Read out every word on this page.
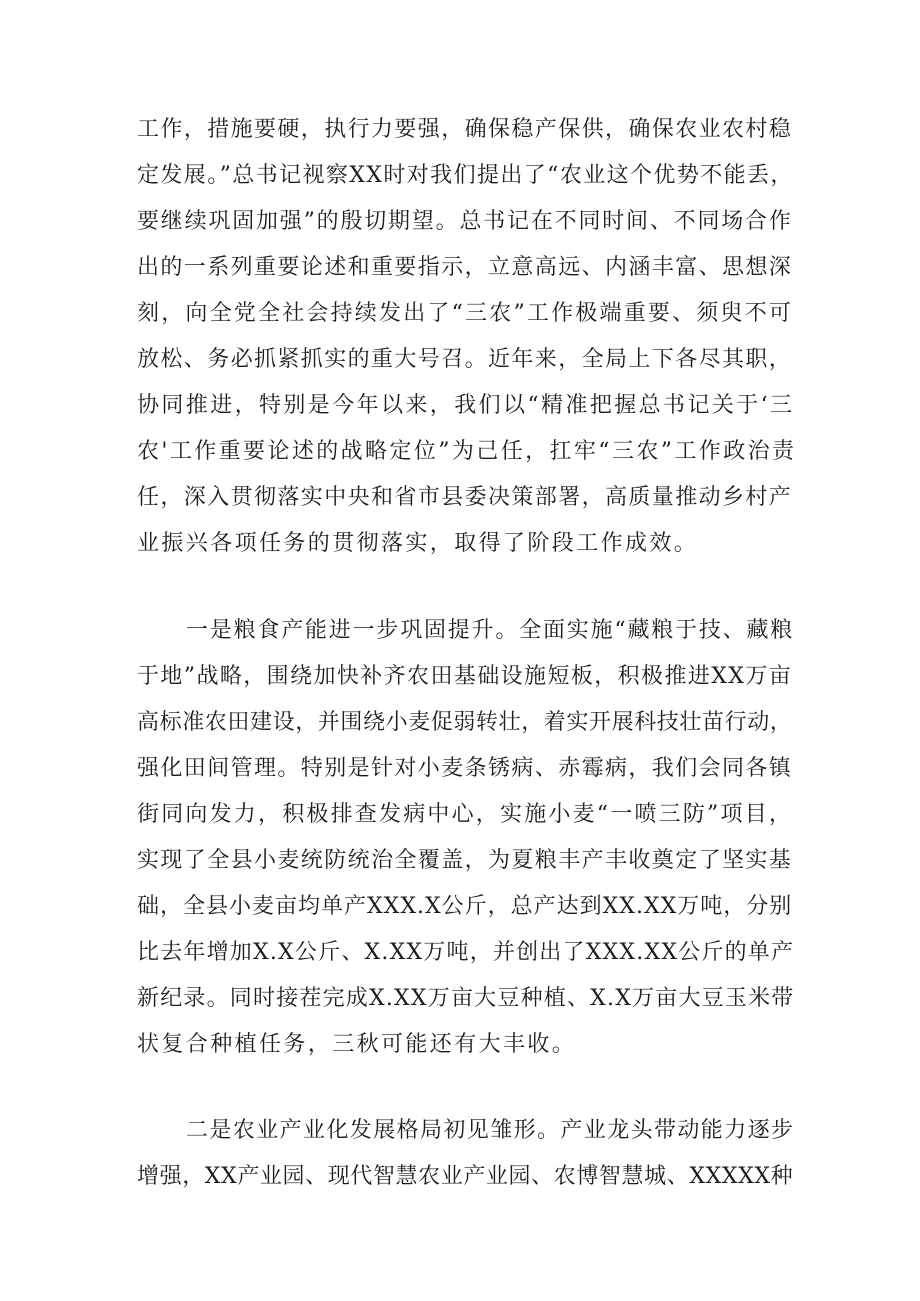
工作，措施要硬，执行力要强，确保稳产保供，确保农业农村稳
定发展。”总书记视察XX时对我们提出了“农业这个优势不能丢，
要继续巩固加强”的殷切期望。总书记在不同时间、不同场合作
出的一系列重要论述和重要指示，立意高远、内涵丰富、思想深
刻，向全党全社会持续发出了“三农”工作极端重要、须臾不可
放松、务必抓紧抓实的重大号召。近年来，全局上下各尽其职，
协同推进，特别是今年以来，我们以“精准把握总书记关于‘三
农'工作重要论述的战略定位”为己任，扛牢“三农”工作政治责
任，深入贯彻落实中央和省市县委决策部署，高质量推动乡村产
业振兴各项任务的贯彻落实，取得了阶段工作成效。
一是粮食产能进一步巩固提升。全面实施“藏粮于技、藏粮
于地”战略，围绕加快补齐农田基础设施短板，积极推进XX万亩
高标准农田建设，并围绕小麦促弱转壮，着实开展科技壮苗行动，
强化田间管理。特别是针对小麦条锈病、赤霉病，我们会同各镇
街同向发力，积极排查发病中心，实施小麦“一喷三防”项目，
实现了全县小麦统防统治全覆盖，为夏粮丰产丰收奠定了坚实基
础，全县小麦亩均单产XXX.X公斤，总产达到XX.XX万吨，分别
比去年增加X.X公斤、X.XX万吨，并创出了XXX.XX公斤的单产
新纪录。同时接茬完成X.XX万亩大豆种植、X.X万亩大豆玉米带
状复合种植任务，三秋可能还有大丰收。
二是农业产业化发展格局初见雏形。产业龙头带动能力逐步
增强，XX产业园、现代智慧农业产业园、农博智慧城、XXXXX种
